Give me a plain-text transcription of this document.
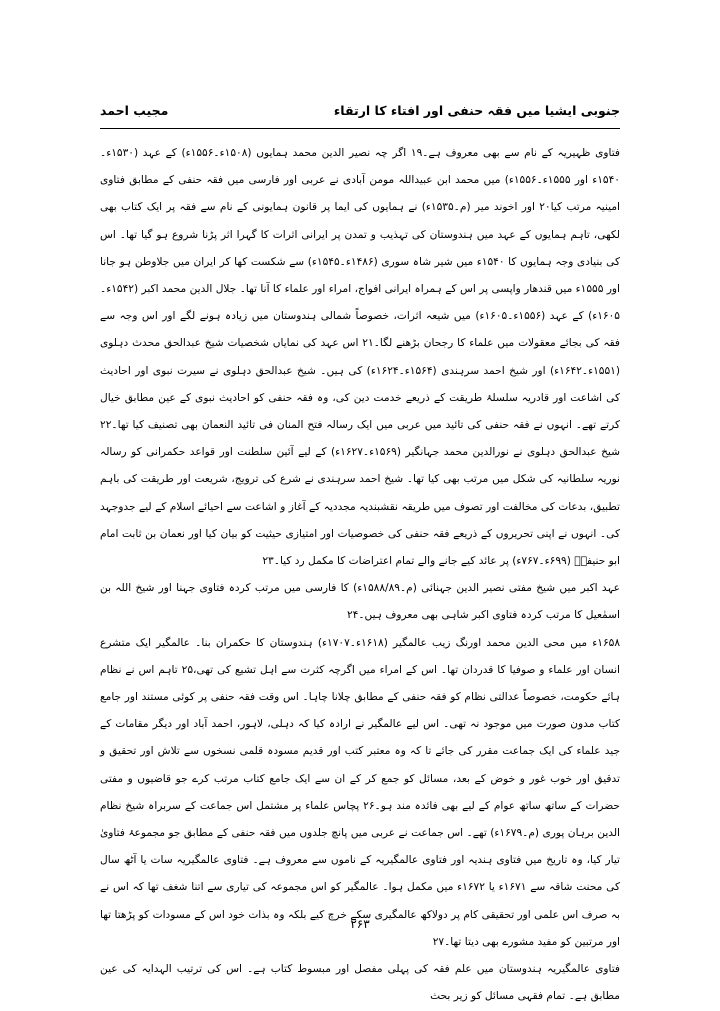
جنوبی ایشیا میں فقہ حنفی اور افتاء کا ارتقاء
مجیب احمد

فتاوی ظہیریہ کے نام سے بھی معروف ہے۔۱۹ اگر چہ نصیر الدین محمد ہمایوں (۱۵۰۸ء۔۱۵۵۶ء) کے عہد (۱۵۳۰ء۔۱۵۴۰ء اور ۱۵۵۵ء۔۱۵۵۶ء) میں محمد ابن عبیداللہ مومن آبادی نے عربی اور فارسی میں فقہ حنفی کے مطابق فتاوی امینیہ مرتب کیا۲۰ اور اخوند میر (م۔۱۵۳۵ء) نے ہمایوں کی ایما پر قانون ہمایونی کے نام سے فقہ پر ایک کتاب بھی لکھی، تاہم ہمایوں کے عہد میں ہندوستان کی تہذیب و تمدن پر ایرانی اثرات کا گہرا اثر پڑنا شروع ہو گیا تھا۔ اس کی بنیادی وجہ ہمایوں کا ۱۵۴۰ء میں شیر شاہ سوری (۱۴۸۶ء۔۱۵۴۵ء) سے شکست کھا کر ایران میں جلاوطن ہو جانا اور ۱۵۵۵ء میں قندھار واپسی پر اس کے ہمراہ ایرانی افواج، امراء اور علماء کا آنا تھا۔ جلال الدین محمد اکبر (۱۵۴۲ء۔۱۶۰۵ء) کے عہد (۱۵۵۶ء۔۱۶۰۵ء) میں شیعہ اثرات، خصوصاً شمالی ہندوستان میں زیادہ ہونے لگے اور اس وجہ سے فقہ کی بجائے معقولات میں علماء کا رجحان بڑھنے لگا۔۲۱ اس عہد کی نمایاں شخصیات شیخ عبدالحق محدث دہلوی (۱۵۵۱ء۔۱۶۴۲ء) اور شیخ احمد سرہندی (۱۵۶۴ء۔۱۶۲۴ء) کی ہیں۔ شیخ عبدالحق دہلوی نے سیرت نبوی اور احادیث کی اشاعت اور قادریہ سلسلۂ طریقت کے ذریعے خدمت دین کی، وہ فقہ حنفی کو احادیث نبوی کے عین مطابق خیال کرتے تھے۔ انہوں نے فقہ حنفی کی تائید میں عربی میں ایک رسالہ فتح المنان فی تائید النعمان بھی تصنیف کیا تھا۔۲۲ شیخ عبدالحق دہلوی نے نورالدین محمد جہانگیر (۱۵۶۹ء۔۱۶۲۷ء) کے لیے آئین سلطنت اور قواعد حکمرانی کو رسالہ نوریہ سلطانیہ کی شکل میں مرتب بھی کیا تھا۔ شیخ احمد سرہندی نے شرع کی ترویج، شریعت اور طریقت کی باہم تطبیق، بدعات کی مخالفت اور تصوف میں طریقہ نقشبندیہ مجددیہ کے آغاز و اشاعت سے احیائے اسلام کے لیے جدوجہد کی۔ انہوں نے اپنی تحریروں کے ذریعے فقہ حنفی کی خصوصیات اور امتیازی حیثیت کو بیان کیا اور نعمان بن ثابت امام ابو حنیفہؒ (۶۹۹ء۔۷۶۷ء) پر عائد کیے جانے والے تمام اعتراضات کا مکمل رد کیا۔۲۳

عہد اکبر میں شیخ مفتی نصیر الدین جہنائی (م۔۱۵۸۸/۸۹ء) کا فارسی میں مرتب کردہ فتاوی جہنا اور شیخ اللہ بن اسمٰعیل کا مرتب کردہ فتاوی اکبر شاہی بھی معروف ہیں۔۲۴

۱۶۵۸ء میں محی الدین محمد اورنگ زیب عالمگیر (۱۶۱۸ء۔۱۷۰۷ء) ہندوستان کا حکمران بنا۔ عالمگیر ایک متشرع انسان اور علماء و صوفیا کا قدردان تھا۔ اس کے امراء میں اگرچہ کثرت سے اہل تشیع کی تھی،۲۵ تاہم اس نے نظام ہائے حکومت، خصوصاً عدالتی نظام کو فقہ حنفی کے مطابق چلانا چاہا۔ اس وقت فقہ حنفی پر کوئی مستند اور جامع کتاب مدون صورت میں موجود نہ تھی۔ اس لیے عالمگیر نے ارادہ کیا کہ دہلی، لاہور، احمد آباد اور دیگر مقامات کے جید علماء کی ایک جماعت مقرر کی جائے تا کہ وہ معتبر کتب اور قدیم مسودہ قلمی نسخوں سے تلاش اور تحقیق و تدقیق اور خوب غور و خوض کے بعد، مسائل کو جمع کر کے ان سے ایک جامع کتاب مرتب کرے جو قاضیوں و مفتی حضرات کے ساتھ ساتھ عوام کے لیے بھی فائدہ مند ہو۔۲۶ پچاس علماء پر مشتمل اس جماعت کے سربراہ شیخ نظام الدین برہان پوری (م۔۱۶۷۹ء) تھے۔ اس جماعت نے عربی میں پانچ جلدوں میں فقہ حنفی کے مطابق جو مجموعۂ فتاویٰ تیار کیا، وہ تاریخ میں فتاوی ہندیہ اور فتاوی عالمگیریہ کے ناموں سے معروف ہے۔ فتاوی عالمگیریہ سات یا آٹھ سال کی محنت شاقہ سے ۱۶۷۱ء یا ۱۶۷۲ء میں مکمل ہوا۔ عالمگیر کو اس مجموعہ کی تیاری سے اتنا شغف تھا کہ اس نے بہ صرف اس علمی اور تحقیقی کام پر دولاکھ عالمگیری سکے خرچ کیے بلکہ وہ بذات خود اس کے مسودات کو پڑھتا تھا اور مرتبین کو مفید مشورے بھی دیتا تھا۔۲۷

فتاوی عالمگیریہ ہندوستان میں علم فقہ کی پہلی مفصل اور مبسوط کتاب ہے۔ اس کی ترتیب الہدایہ کی عین مطابق ہے۔ تمام فقہی مسائل کو زیر بحث

۲۶۳
